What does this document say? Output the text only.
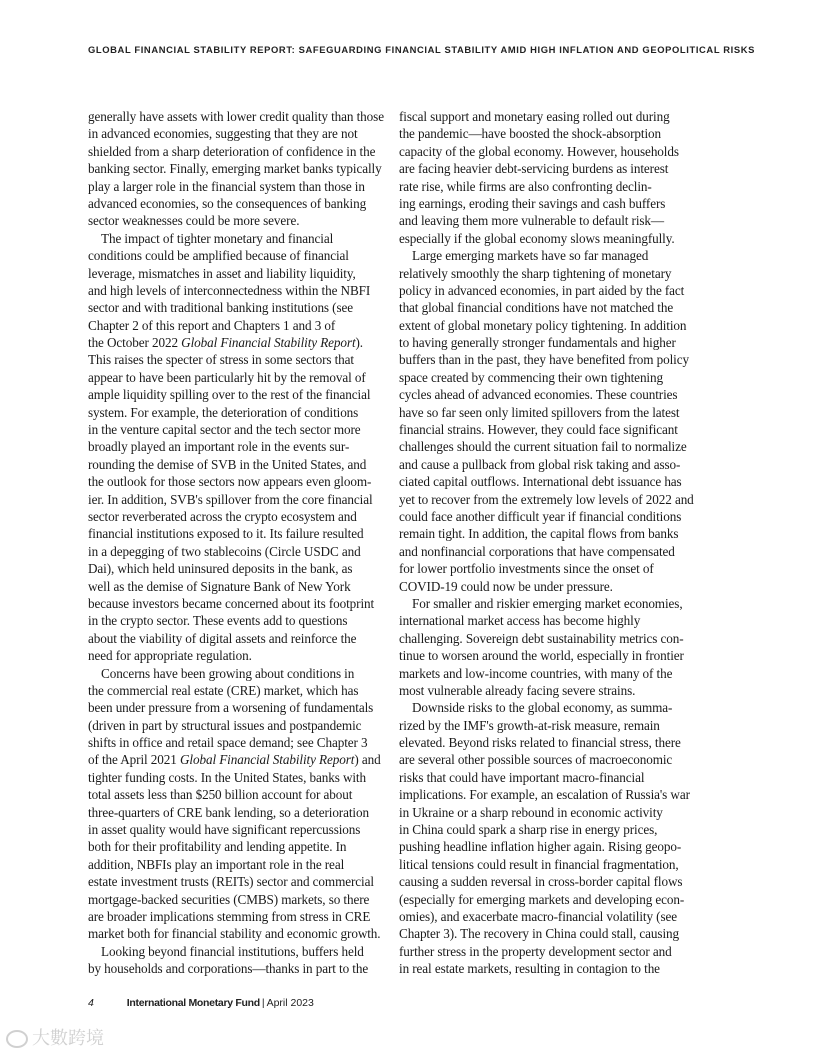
GLOBAL FINANCIAL STABILITY REPORT: SAFEGUARDING FINANCIAL STABILITY AMID HIGH INFLATION AND GEOPOLITICAL RISKS
generally have assets with lower credit quality than those
in advanced economies, suggesting that they are not
shielded from a sharp deterioration of confidence in the
banking sector. Finally, emerging market banks typically
play a larger role in the financial system than those in
advanced economies, so the consequences of banking
sector weaknesses could be more severe.
The impact of tighter monetary and financial
conditions could be amplified because of financial
leverage, mismatches in asset and liability liquidity,
and high levels of interconnectedness within the NBFI
sector and with traditional banking institutions (see
Chapter 2 of this report and Chapters 1 and 3 of
the October 2022 Global Financial Stability Report).
This raises the specter of stress in some sectors that
appear to have been particularly hit by the removal of
ample liquidity spilling over to the rest of the financial
system. For example, the deterioration of conditions
in the venture capital sector and the tech sector more
broadly played an important role in the events sur-
rounding the demise of SVB in the United States, and
the outlook for those sectors now appears even gloom-
ier. In addition, SVB's spillover from the core financial
sector reverberated across the crypto ecosystem and
financial institutions exposed to it. Its failure resulted
in a depegging of two stablecoins (Circle USDC and
Dai), which held uninsured deposits in the bank, as
well as the demise of Signature Bank of New York
because investors became concerned about its footprint
in the crypto sector. These events add to questions
about the viability of digital assets and reinforce the
need for appropriate regulation.
Concerns have been growing about conditions in
the commercial real estate (CRE) market, which has
been under pressure from a worsening of fundamentals
(driven in part by structural issues and postpandemic
shifts in office and retail space demand; see Chapter 3
of the April 2021 Global Financial Stability Report) and
tighter funding costs. In the United States, banks with
total assets less than $250 billion account for about
three-quarters of CRE bank lending, so a deterioration
in asset quality would have significant repercussions
both for their profitability and lending appetite. In
addition, NBFIs play an important role in the real
estate investment trusts (REITs) sector and commercial
mortgage-backed securities (CMBS) markets, so there
are broader implications stemming from stress in CRE
market both for financial stability and economic growth.
Looking beyond financial institutions, buffers held
by households and corporations—thanks in part to the
fiscal support and monetary easing rolled out during
the pandemic—have boosted the shock-absorption
capacity of the global economy. However, households
are facing heavier debt-servicing burdens as interest
rate rise, while firms are also confronting declin-
ing earnings, eroding their savings and cash buffers
and leaving them more vulnerable to default risk—
especially if the global economy slows meaningfully.
Large emerging markets have so far managed
relatively smoothly the sharp tightening of monetary
policy in advanced economies, in part aided by the fact
that global financial conditions have not matched the
extent of global monetary policy tightening. In addition
to having generally stronger fundamentals and higher
buffers than in the past, they have benefited from policy
space created by commencing their own tightening
cycles ahead of advanced economies. These countries
have so far seen only limited spillovers from the latest
financial strains. However, they could face significant
challenges should the current situation fail to normalize
and cause a pullback from global risk taking and asso-
ciated capital outflows. International debt issuance has
yet to recover from the extremely low levels of 2022 and
could face another difficult year if financial conditions
remain tight. In addition, the capital flows from banks
and nonfinancial corporations that have compensated
for lower portfolio investments since the onset of
COVID-19 could now be under pressure.
For smaller and riskier emerging market economies,
international market access has become highly
challenging. Sovereign debt sustainability metrics con-
tinue to worsen around the world, especially in frontier
markets and low-income countries, with many of the
most vulnerable already facing severe strains.
Downside risks to the global economy, as summa-
rized by the IMF's growth-at-risk measure, remain
elevated. Beyond risks related to financial stress, there
are several other possible sources of macroeconomic
risks that could have important macro-financial
implications. For example, an escalation of Russia's war
in Ukraine or a sharp rebound in economic activity
in China could spark a sharp rise in energy prices,
pushing headline inflation higher again. Rising geopo-
litical tensions could result in financial fragmentation,
causing a sudden reversal in cross-border capital flows
(especially for emerging markets and developing econ-
omies), and exacerbate macro-financial volatility (see
Chapter 3). The recovery in China could stall, causing
further stress in the property development sector and
in real estate markets, resulting in contagion to the
4	International Monetary Fund | April 2023
大數跨境
